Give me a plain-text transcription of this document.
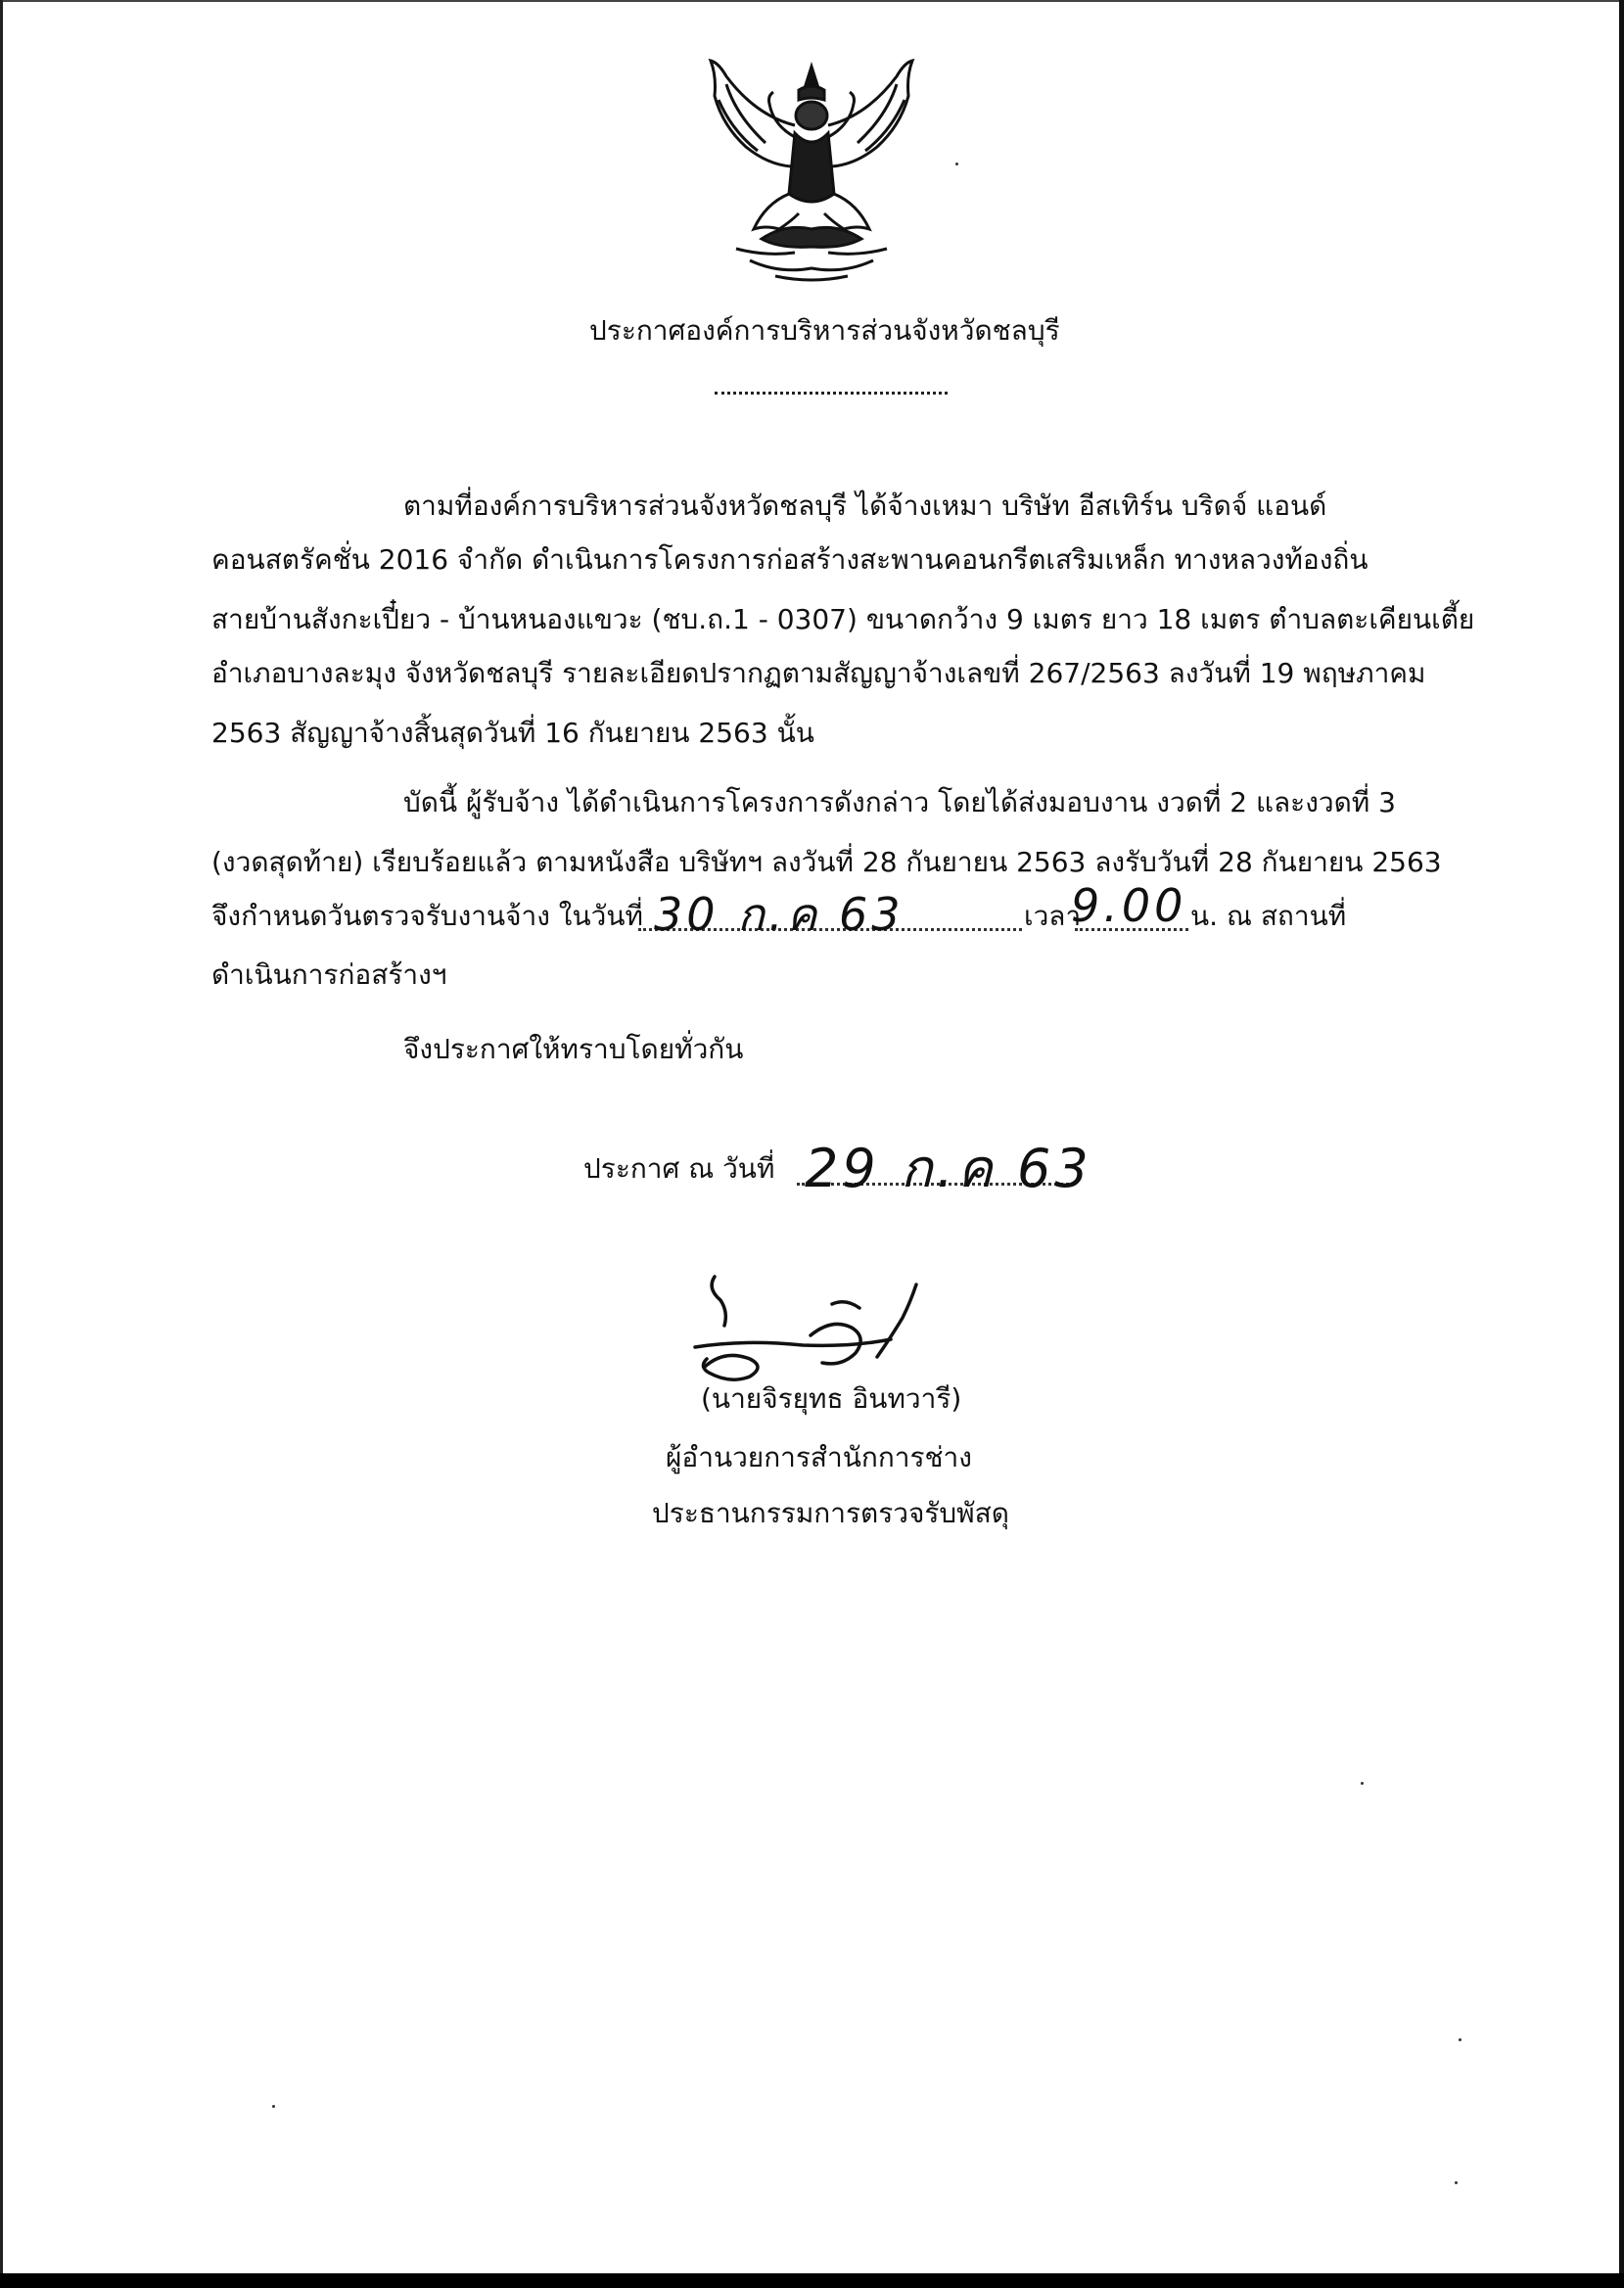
ประกาศองค์การบริหารส่วนจังหวัดชลบุรี
ตามที่องค์การบริหารส่วนจังหวัดชลบุรี ได้จ้างเหมา บริษัท อีสเทิร์น บริดจ์ แอนด์
คอนสตรัคชั่น 2016 จำกัด ดำเนินการโครงการก่อสร้างสะพานคอนกรีตเสริมเหล็ก ทางหลวงท้องถิ่น
สายบ้านสังกะเปี๋ยว - บ้านหนองแขวะ (ชบ.ถ.1 - 0307) ขนาดกว้าง 9 เมตร ยาว 18 เมตร ตำบลตะเคียนเตี้ย
อำเภอบางละมุง จังหวัดชลบุรี รายละเอียดปรากฏตามสัญญาจ้างเลขที่ 267/2563 ลงวันที่ 19 พฤษภาคม
2563 สัญญาจ้างสิ้นสุดวันที่ 16 กันยายน 2563 นั้น
บัดนี้ ผู้รับจ้าง ได้ดำเนินการโครงการดังกล่าว โดยได้ส่งมอบงาน งวดที่ 2 และงวดที่ 3
(งวดสุดท้าย) เรียบร้อยแล้ว ตามหนังสือ บริษัทฯ ลงวันที่ 28 กันยายน 2563 ลงรับวันที่ 28 กันยายน 2563
จึงกำหนดวันตรวจรับงานจ้าง ในวันที่ 30 ก.ค 63	เวลา
9.00 น. ณ สถานที่
ดำเนินการก่อสร้างฯ
จึงประกาศให้ทราบโดยทั่วกัน
ประกาศ ณ วันที่ 29 ก.ค 63
(นายจิรยุทธ อินทวารี)
ผู้อำนวยการสำนักการช่าง
ประธานกรรมการตรวจรับพัสดุ
